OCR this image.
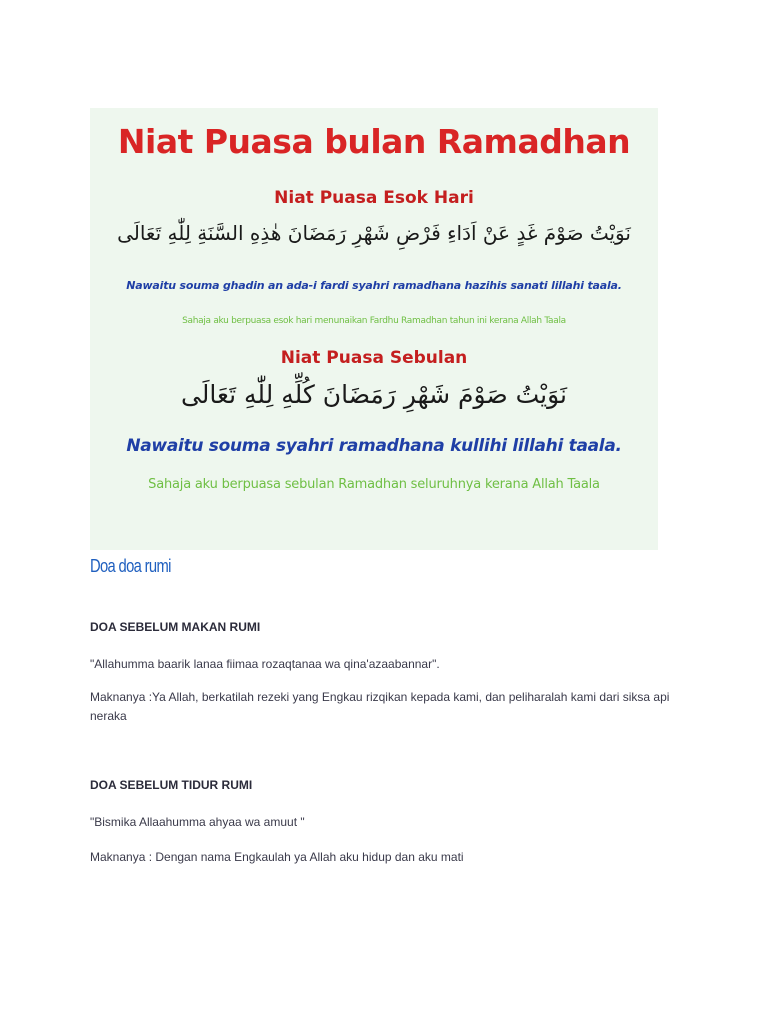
Niat Puasa bulan Ramadhan
Niat Puasa Esok Hari
نَوَيْتُ صَوْمَ غَدٍ عَنْ اَدَاءِ فَرْضِ شَهْرِ رَمَضَانَ هٰذِهِ السَّنَةِ لِلّٰهِ تَعَالَى
Nawaitu souma ghadin an ada-i fardi syahri ramadhana hazihis sanati lillahi taala.
Sahaja aku berpuasa esok hari menunaikan Fardhu Ramadhan tahun ini kerana Allah Taala
Niat Puasa Sebulan
نَوَيْتُ صَوْمَ شَهْرِ رَمَضَانَ كُلِّهِ لِلّٰهِ تَعَالَى
Nawaitu souma syahri ramadhana kullihi lillahi taala.
Sahaja aku berpuasa sebulan Ramadhan seluruhnya kerana Allah Taala
Doa doa rumi
DOA SEBELUM MAKAN RUMI
"Allahumma baarik lanaa fiimaa rozaqtanaa wa qina'azaabannar".
Maknanya :Ya Allah, berkatilah rezeki yang Engkau rizqikan kepada kami, dan peliharalah kami dari siksa api neraka
DOA SEBELUM TIDUR RUMI
"Bismika Allaahumma ahyaa wa amuut "
Maknanya : Dengan nama Engkaulah ya Allah aku hidup dan aku mati
